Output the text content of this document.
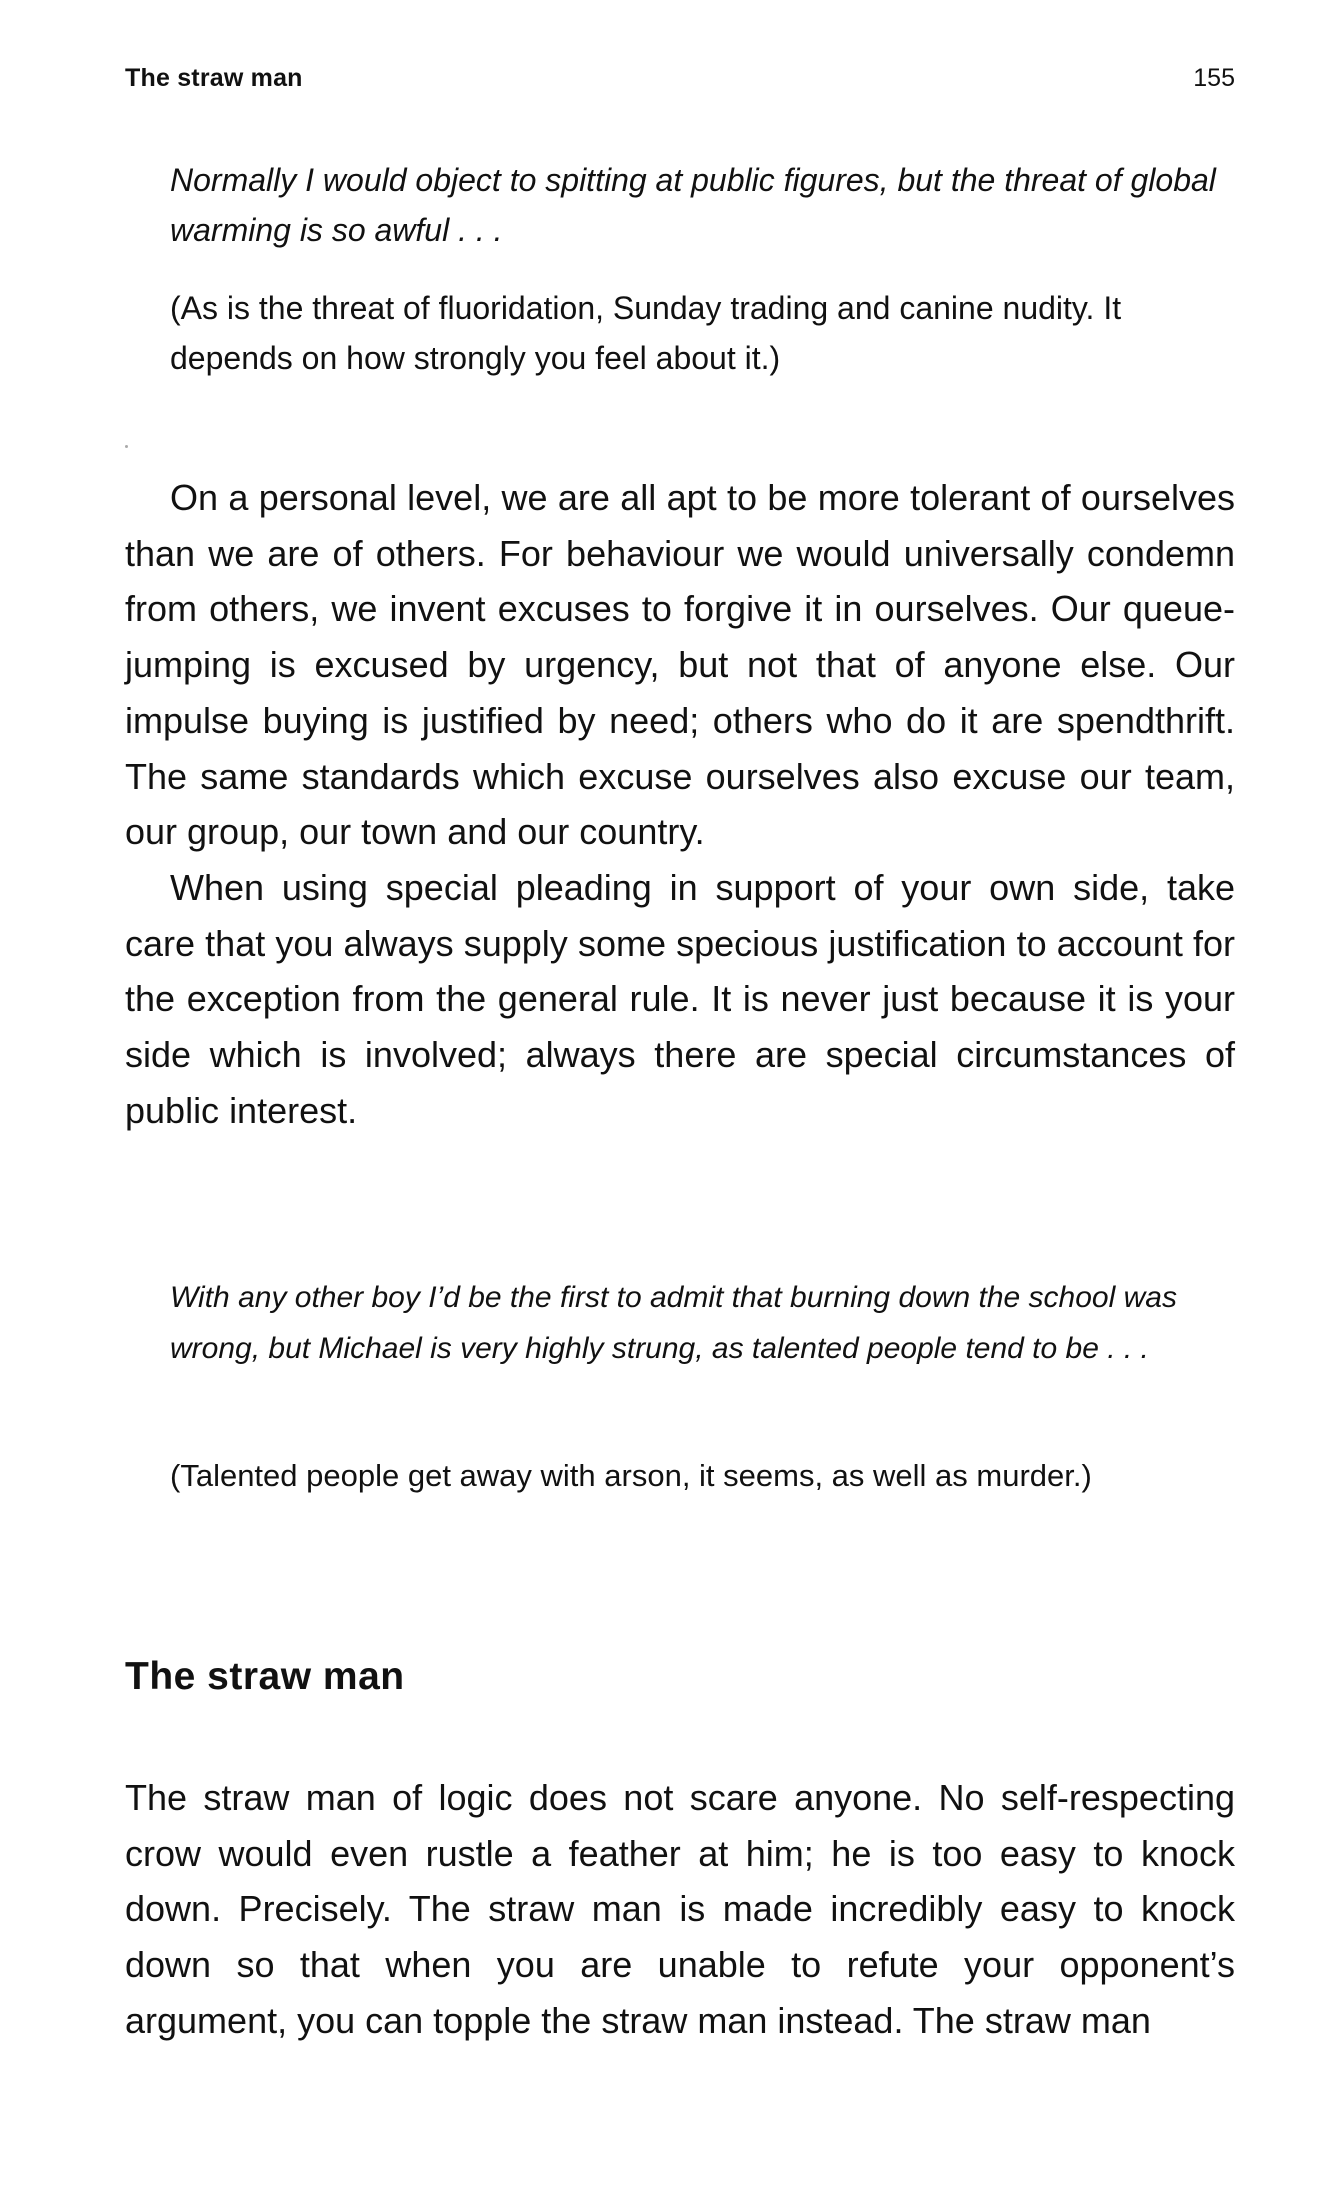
The straw man	155

Normally I would object to spitting at public figures, but the threat of global warming is so awful . . .

(As is the threat of fluoridation, Sunday trading and canine nudity. It depends on how strongly you feel about it.)

On a personal level, we are all apt to be more tolerant of ourselves than we are of others. For behaviour we would universally condemn from others, we invent excuses to forgive it in ourselves. Our queue-jumping is excused by urgency, but not that of anyone else. Our impulse buying is justified by need; others who do it are spendthrift. The same standards which excuse ourselves also excuse our team, our group, our town and our country.

When using special pleading in support of your own side, take care that you always supply some specious justification to account for the exception from the general rule. It is never just because it is your side which is involved; always there are special circumstances of public interest.

With any other boy I’d be the first to admit that burning down the school was wrong, but Michael is very highly strung, as talented people tend to be . . .

(Talented people get away with arson, it seems, as well as murder.)

The straw man

The straw man of logic does not scare anyone. No self-respecting crow would even rustle a feather at him; he is too easy to knock down. Precisely. The straw man is made incredibly easy to knock down so that when you are unable to refute your opponent’s argument, you can topple the straw man instead. The straw man
